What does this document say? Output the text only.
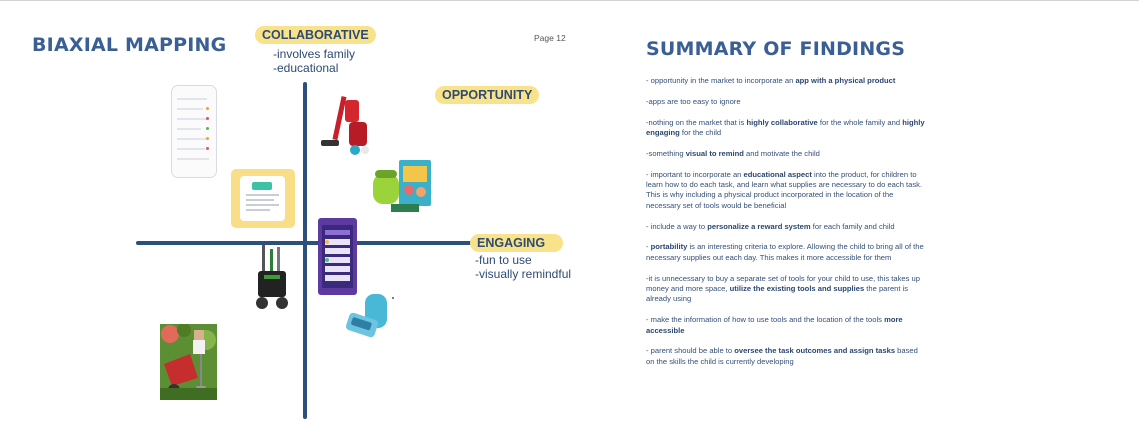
BIAXIAL MAPPING	Page 12
COLLABORATIVE
-involves family
-educational
OPPORTUNITY
ENGAGING
-fun to use
-visually remindful
SUMMARY OF FINDINGS

- opportunity in the market to incorporate an app with a physical product

-apps are too easy to ignore

-nothing on the market that is highly collaborative for the whole family and highly engaging for the child

-something visual to remind and motivate the child

- important to incorporate an educational aspect into the product, for children to learn how to do each task, and learn what supplies are necessary to do each task. This is why including a physical product incorporated in the location of the necessary set of tools would be beneficial

- include a way to personalize a reward system for each family and child

- portability is an interesting criteria to explore. Allowing the child to bring all of the necessary supplies out each day. This makes it more accessible for them

-it is unnecessary to buy a separate set of tools for your child to use, this takes up money and more space, utilize the existing tools and supplies the parent is already using

- make the information of how to use tools and the location of the tools more accessible

- parent should be able to oversee the task outcomes and assign tasks based on the skills the child is currently developing
